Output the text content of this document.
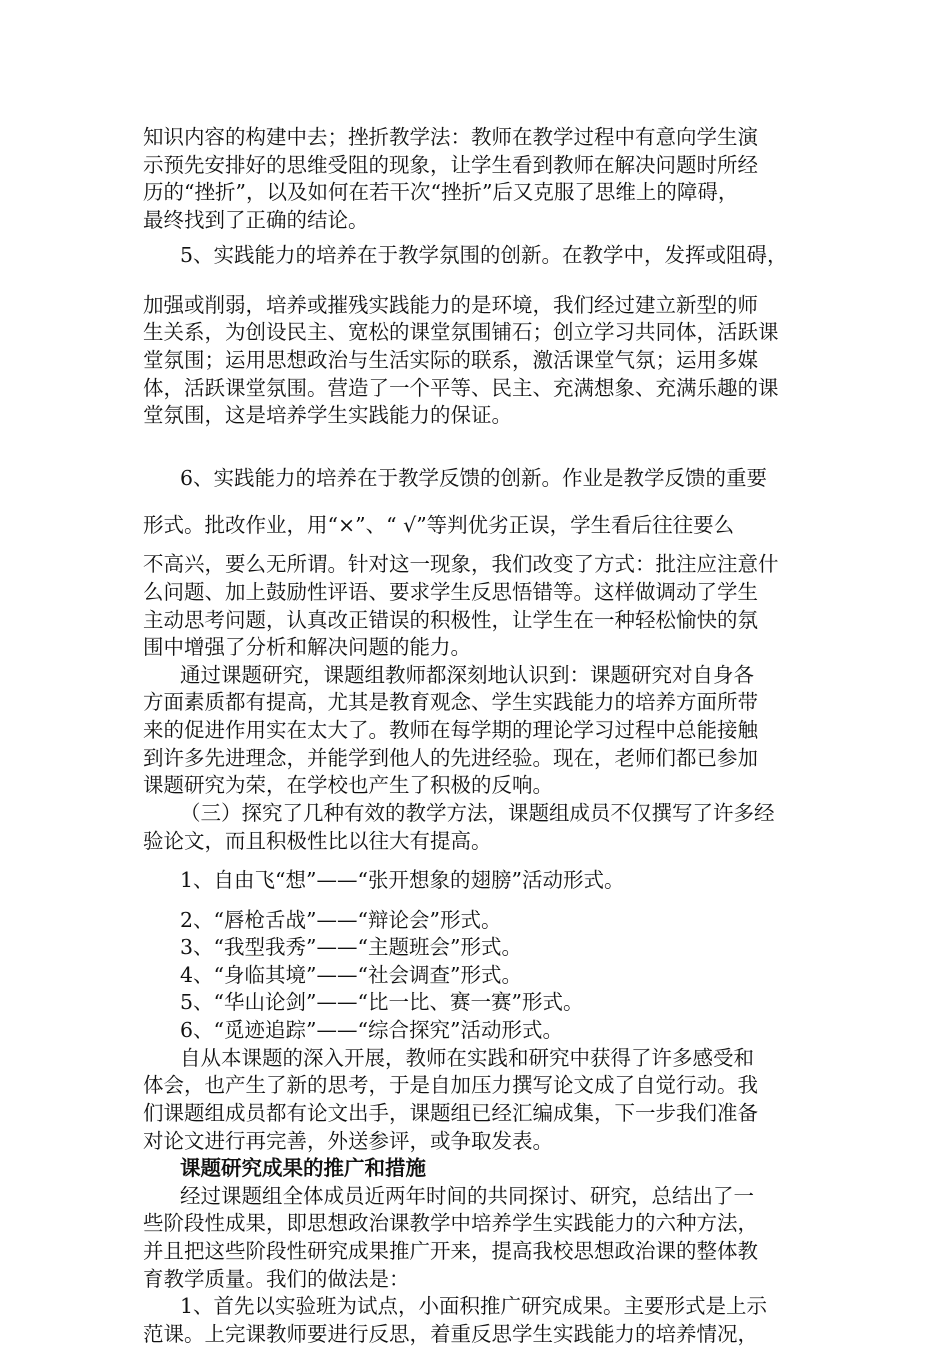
知识内容的构建中去；挫折教学法：教师在教学过程中有意向学生演
示预先安排好的思维受阻的现象，让学生看到教师在解决问题时所经
历的“挫折”，以及如何在若干次“挫折”后又克服了思维上的障碍，
最终找到了正确的结论。
5、实践能力的培养在于教学氛围的创新。在教学中，发挥或阻碍，
加强或削弱，培养或摧残实践能力的是环境，我们经过建立新型的师
生关系，为创设民主、宽松的课堂氛围铺石；创立学习共同体，活跃课
堂氛围；运用思想政治与生活实际的联系，激活课堂气氛；运用多媒
体，活跃课堂氛围。营造了一个平等、民主、充满想象、充满乐趣的课
堂氛围，这是培养学生实践能力的保证。
6、实践能力的培养在于教学反馈的创新。作业是教学反馈的重要
形式。批改作业，用“×”、“ √”等判优劣正误，学生看后往往要么
不高兴，要么无所谓。针对这一现象，我们改变了方式：批注应注意什
么问题、加上鼓励性评语、要求学生反思悟错等。这样做调动了学生
主动思考问题，认真改正错误的积极性，让学生在一种轻松愉快的氛
围中增强了分析和解决问题的能力。
通过课题研究，课题组教师都深刻地认识到：课题研究对自身各
方面素质都有提高，尤其是教育观念、学生实践能力的培养方面所带
来的促进作用实在太大了。教师在每学期的理论学习过程中总能接触
到许多先进理念，并能学到他人的先进经验。现在，老师们都已参加
课题研究为荣，在学校也产生了积极的反响。
（三）探究了几种有效的教学方法，课题组成员不仅撰写了许多经
验论文，而且积极性比以往大有提高。
1、自由飞“想”——“张开想象的翅膀”活动形式。
2、“唇枪舌战”——“辩论会”形式。
3、“我型我秀”——“主题班会”形式。
4、“身临其境”——“社会调查”形式。
5、“华山论剑”——“比一比、赛一赛”形式。
6、“觅迹追踪”——“综合探究”活动形式。
自从本课题的深入开展，教师在实践和研究中获得了许多感受和
体会，也产生了新的思考，于是自加压力撰写论文成了自觉行动。我
们课题组成员都有论文出手，课题组已经汇编成集，下一步我们准备
对论文进行再完善，外送参评，或争取发表。
课题研究成果的推广和措施
经过课题组全体成员近两年时间的共同探讨、研究，总结出了一
些阶段性成果，即思想政治课教学中培养学生实践能力的六种方法，
并且把这些阶段性研究成果推广开来，提高我校思想政治课的整体教
育教学质量。我们的做法是：
1、首先以实验班为试点，小面积推广研究成果。主要形式是上示
范课。上完课教师要进行反思，着重反思学生实践能力的培养情况，
